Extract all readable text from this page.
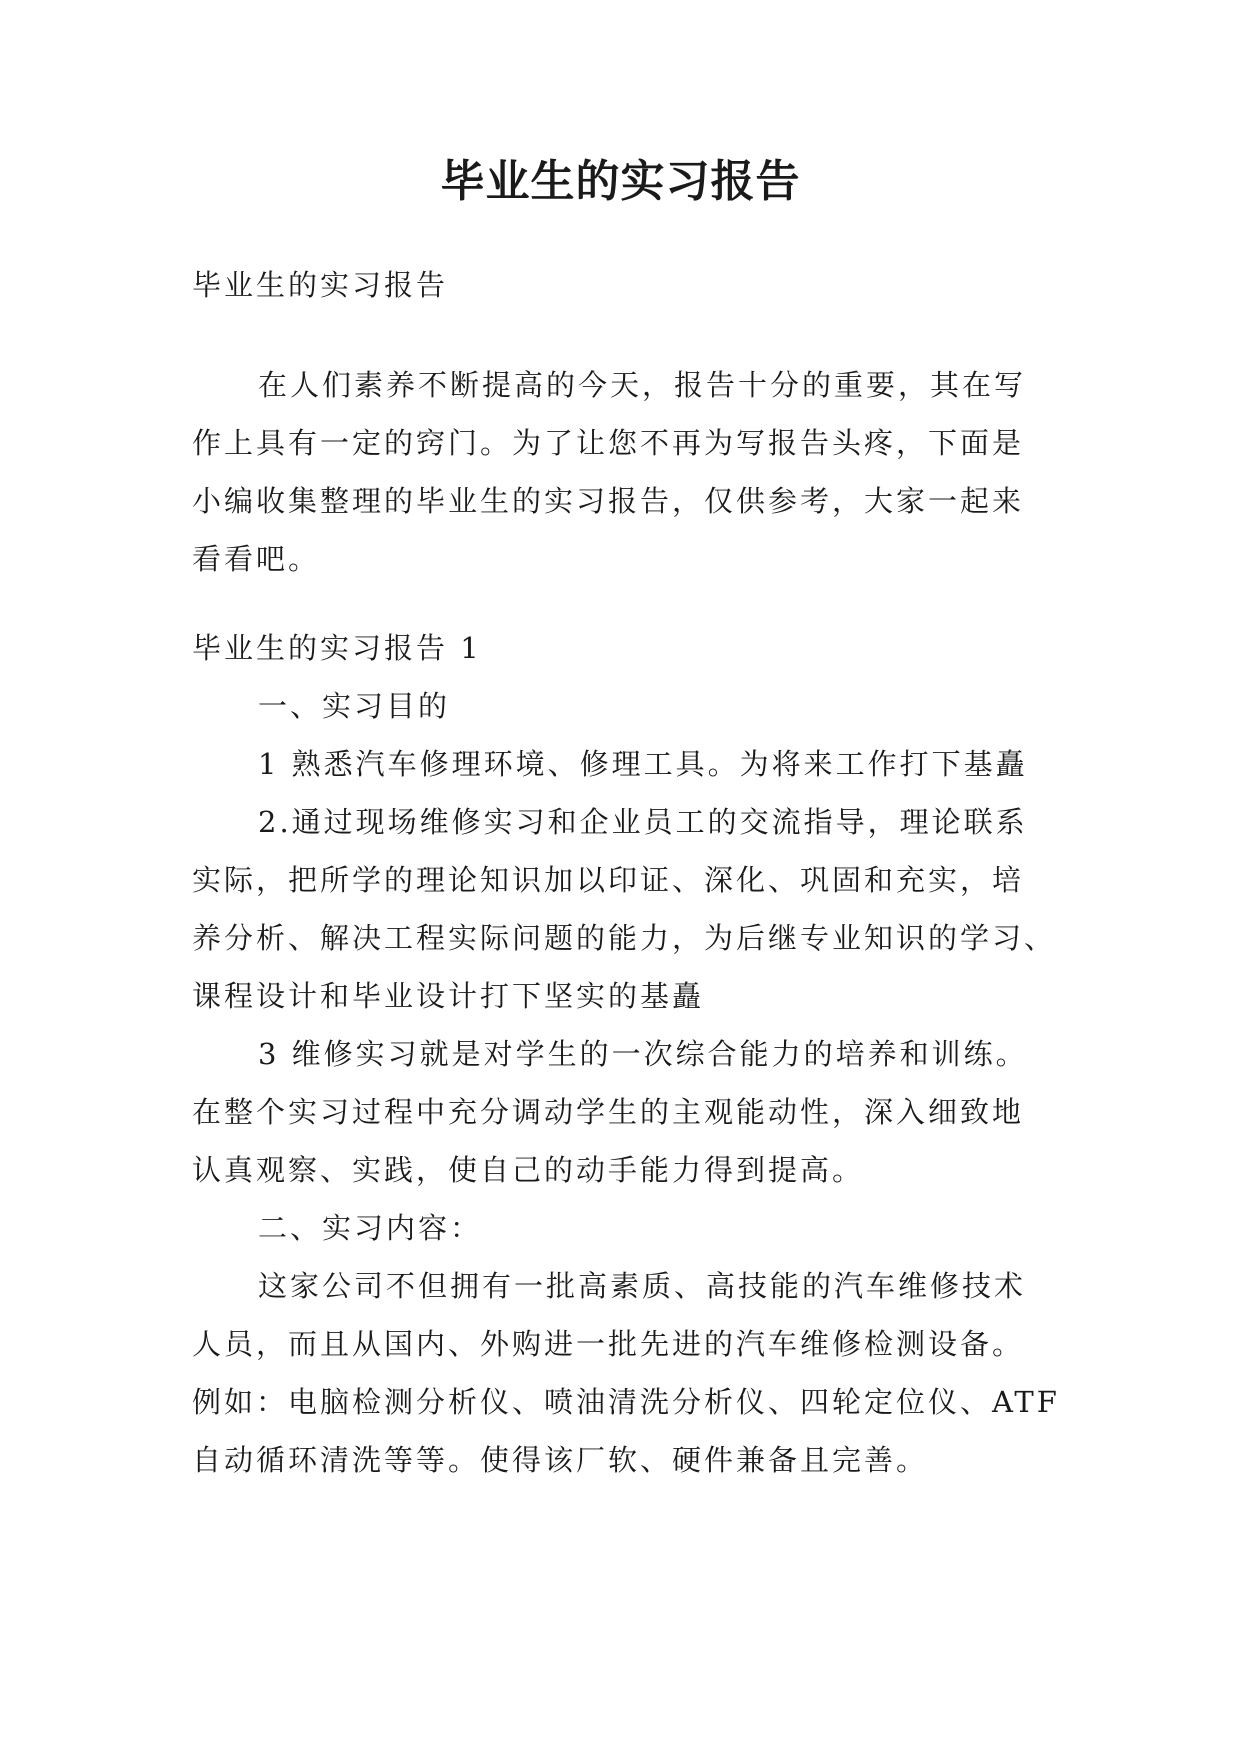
毕业生的实习报告

毕业生的实习报告

在人们素养不断提高的今天，报告十分的重要，其在写
作上具有一定的窍门。为了让您不再为写报告头疼，下面是
小编收集整理的毕业生的实习报告，仅供参考，大家一起来
看看吧。
毕业生的实习报告 1
一、实习目的
1 熟悉汽车修理环境、修理工具。为将来工作打下基矗
2.通过现场维修实习和企业员工的交流指导，理论联系
实际，把所学的理论知识加以印证、深化、巩固和充实，培
养分析、解决工程实际问题的能力，为后继专业知识的学习、
课程设计和毕业设计打下坚实的基矗
3 维修实习就是对学生的一次综合能力的培养和训练。
在整个实习过程中充分调动学生的主观能动性，深入细致地
认真观察、实践，使自己的动手能力得到提高。
二、实习内容：
这家公司不但拥有一批高素质、高技能的汽车维修技术
人员，而且从国内、外购进一批先进的汽车维修检测设备。
例如：电脑检测分析仪、喷油清洗分析仪、四轮定位仪、ATF
自动循环清洗等等。使得该厂软、硬件兼备且完善。
